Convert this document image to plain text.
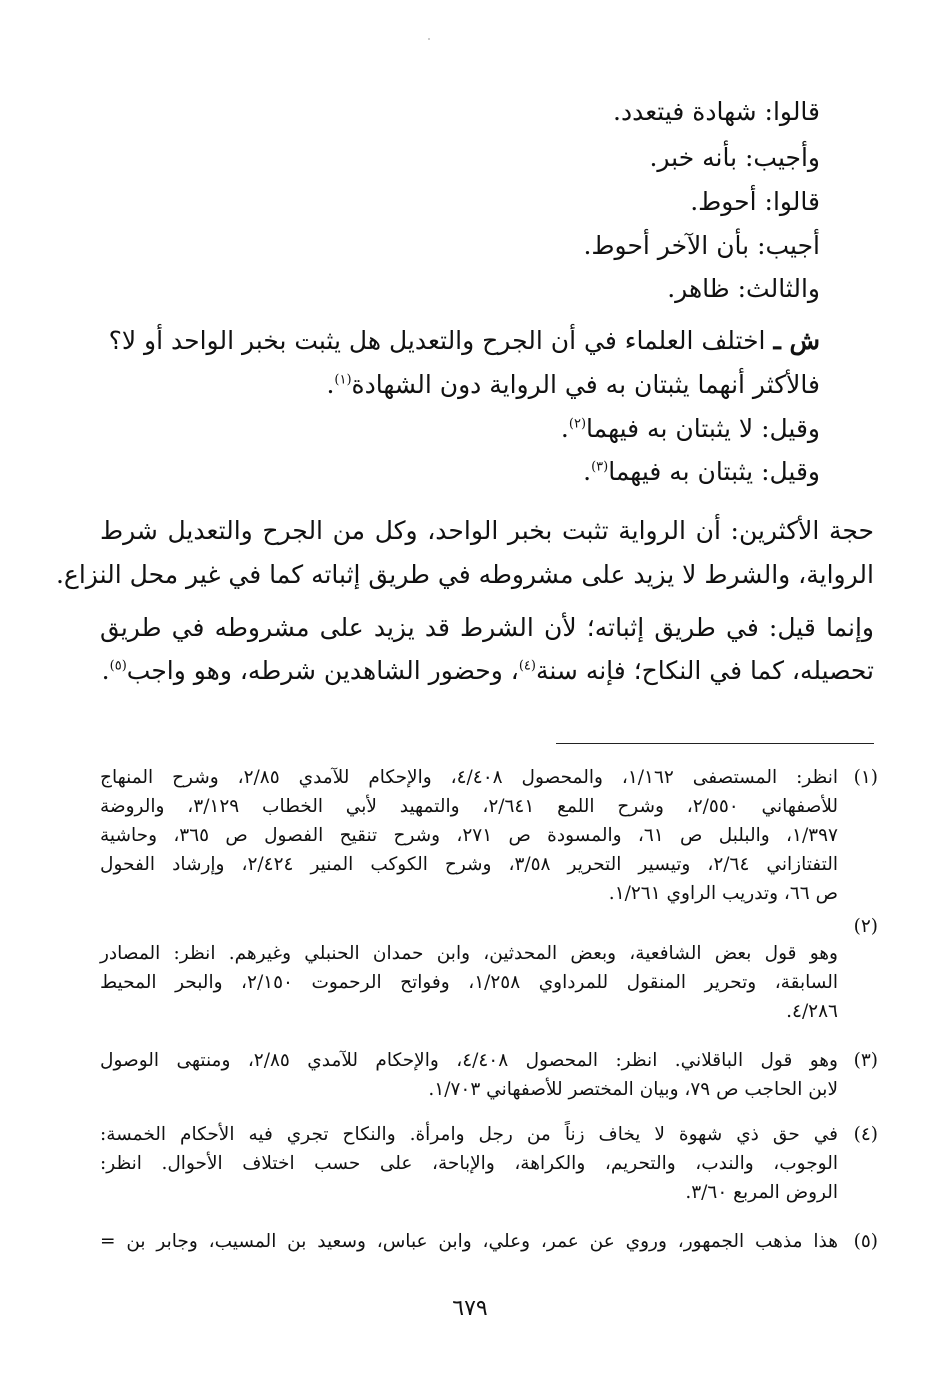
قالوا: شهادة فيتعدد.
وأجيب: بأنه خبر.
قالوا: أحوط.
أجيب: بأن الآخر أحوط.
والثالث: ظاهر.
ش ـ اختلف العلماء في أن الجرح والتعديل هل يثبت بخبر الواحد أو لا؟
فالأكثر أنهما يثبتان به في الرواية دون الشهادة$^{(١)}$.
وقيل: لا يثبتان به فيهما$^{(٢)}$.
وقيل: يثبتان به فيهما$^{(٣)}$.
حجة الأكثرين: أن الرواية تثبت بخبر الواحد، وكل من الجرح والتعديل شرط
الرواية، والشرط لا يزيد على مشروطه في طريق إثباته كما في غير محل النزاع.
وإنما قيل: في طريق إثباته؛ لأن الشرط قد يزيد على مشروطه في طريق
تحصيله، كما في النكاح؛ فإنه سنة$^{(٤)}$، وحضور الشاهدين شرطه، وهو واجب$^{(٥)}$.
(١)
انظر: المستصفى ١/١٦٢، والمحصول ٤/٤٠٨، والإحكام للآمدي ٢/٨٥، وشرح المنهاج
للأصفهاني ٢/٥٥٠، وشرح اللمع ٢/٦٤١، والتمهيد لأبي الخطاب ٣/١٢٩، والروضة
١/٣٩٧، والبلبل ص ٦١، والمسودة ص ٢٧١، وشرح تنقيح الفصول ص ٣٦٥، وحاشية
التفتازاني ٢/٦٤، وتيسير التحرير ٣/٥٨، وشرح الكوكب المنير ٢/٤٢٤، وإرشاد الفحول
ص ٦٦، وتدريب الراوي ١/٢٦١.
(٢)
وهو قول بعض الشافعية، وبعض المحدثين، وابن حمدان الحنبلي وغيرهم. انظر: المصادر
السابقة، وتحرير المنقول للمرداوي ١/٢٥٨، وفواتح الرحموت ٢/١٥٠، والبحر المحيط
٤/٢٨٦.
(٣)
وهو قول الباقلاني. انظر: المحصول ٤/٤٠٨، والإحكام للآمدي ٢/٨٥، ومنتهى الوصول
لابن الحاجب ص ٧٩، وبيان المختصر للأصفهاني ١/٧٠٣.
(٤)
في حق ذي شهوة لا يخاف زناً من رجل وامرأة. والنكاح تجري فيه الأحكام الخمسة:
الوجوب، والندب، والتحريم، والكراهة، والإباحة، على حسب اختلاف الأحوال. انظر:
الروض المربع ٣/٦٠.
(٥)
هذا مذهب الجمهور، وروي عن عمر، وعلي، وابن عباس، وسعيد بن المسيب، وجابر بن =
٦٧٩
